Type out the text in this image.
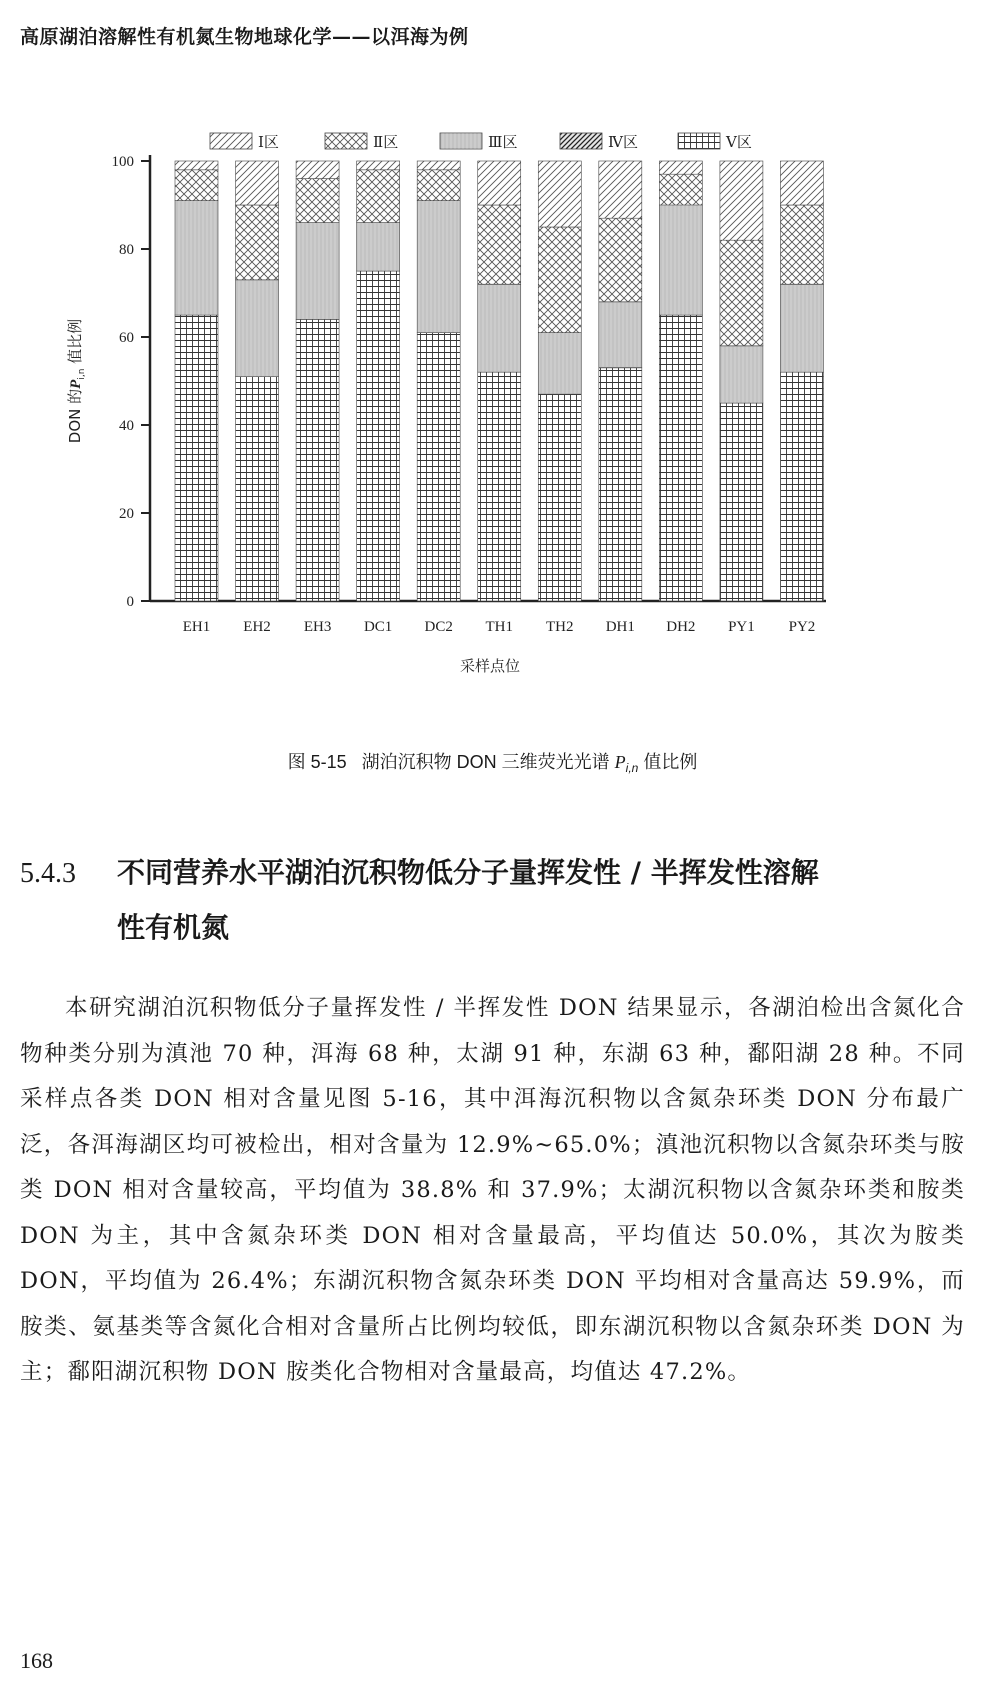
高原湖泊溶解性有机氮生物地球化学——以洱海为例
Ⅰ区	Ⅱ区	Ⅲ区	Ⅳ区	Ⅴ区
0
20
40
60
80
100
EH1 EH2 EH3 DC1 DC2 TH1 TH2 DH1 DH2 PY1 PY2
采样点位
DON 的$P_{i,n}$ 值比例
图 5-15 湖泊沉积物 DON 三维荧光光谱 $P_{i,n}$ 值比例
5.4.3 不同营养水平湖泊沉积物低分子量挥发性 / 半挥发性溶解
性有机氮

本研究湖泊沉积物低分子量挥发性 / 半挥发性 DON 结果显示，各湖泊检出含氮化合物种类分别为滇池 70 种，洱海 68 种，太湖 91 种，东湖 63 种，鄱阳湖 28 种。不同采样点各类 DON 相对含量见图 5-16，其中洱海沉积物以含氮杂环类 DON 分布最广泛，各洱海湖区均可被检出，相对含量为 12.9%~65.0%；滇池沉积物以含氮杂环类与胺类 DON 相对含量较高，平均值为 38.8% 和 37.9%；太湖沉积物以含氮杂环类和胺类 DON 为主，其中含氮杂环类 DON 相对含量最高，平均值达 50.0%，其次为胺类 DON，平均值为 26.4%；东湖沉积物含氮杂环类 DON 平均相对含量高达 59.9%，而胺类、氨基类等含氮化合相对含量所占比例均较低，即东湖沉积物以含氮杂环类 DON 为主；鄱阳湖沉积物 DON 胺类化合物相对含量最高，均值达 47.2%。

168
